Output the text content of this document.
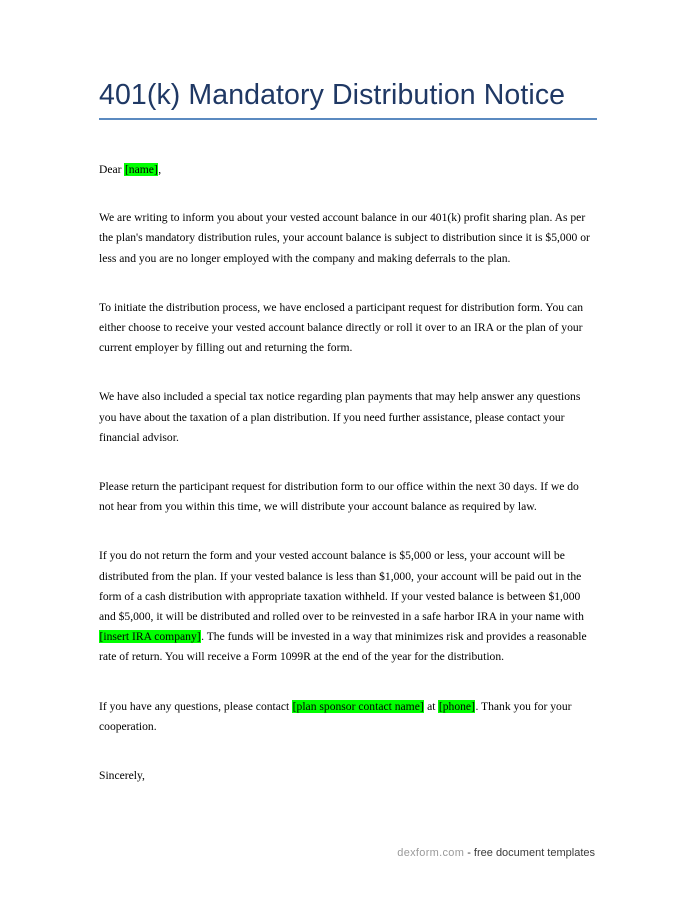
401(k) Mandatory Distribution Notice

Dear [name],

We are writing to inform you about your vested account balance in our 401(k) profit sharing plan. As per the plan's mandatory distribution rules, your account balance is subject to distribution since it is $5,000 or less and you are no longer employed with the company and making deferrals to the plan.

To initiate the distribution process, we have enclosed a participant request for distribution form. You can either choose to receive your vested account balance directly or roll it over to an IRA or the plan of your current employer by filling out and returning the form.

We have also included a special tax notice regarding plan payments that may help answer any questions you have about the taxation of a plan distribution. If you need further assistance, please contact your financial advisor.

Please return the participant request for distribution form to our office within the next 30 days. If we do not hear from you within this time, we will distribute your account balance as required by law.

If you do not return the form and your vested account balance is $5,000 or less, your account will be distributed from the plan. If your vested balance is less than $1,000, your account will be paid out in the form of a cash distribution with appropriate taxation withheld. If your vested balance is between $1,000 and $5,000, it will be distributed and rolled over to be reinvested in a safe harbor IRA in your name with [insert IRA company]. The funds will be invested in a way that minimizes risk and provides a reasonable rate of return. You will receive a Form 1099R at the end of the year for the distribution.

If you have any questions, please contact [plan sponsor contact name] at [phone]. Thank you for your cooperation.

Sincerely,

dexform.com - free document templates
